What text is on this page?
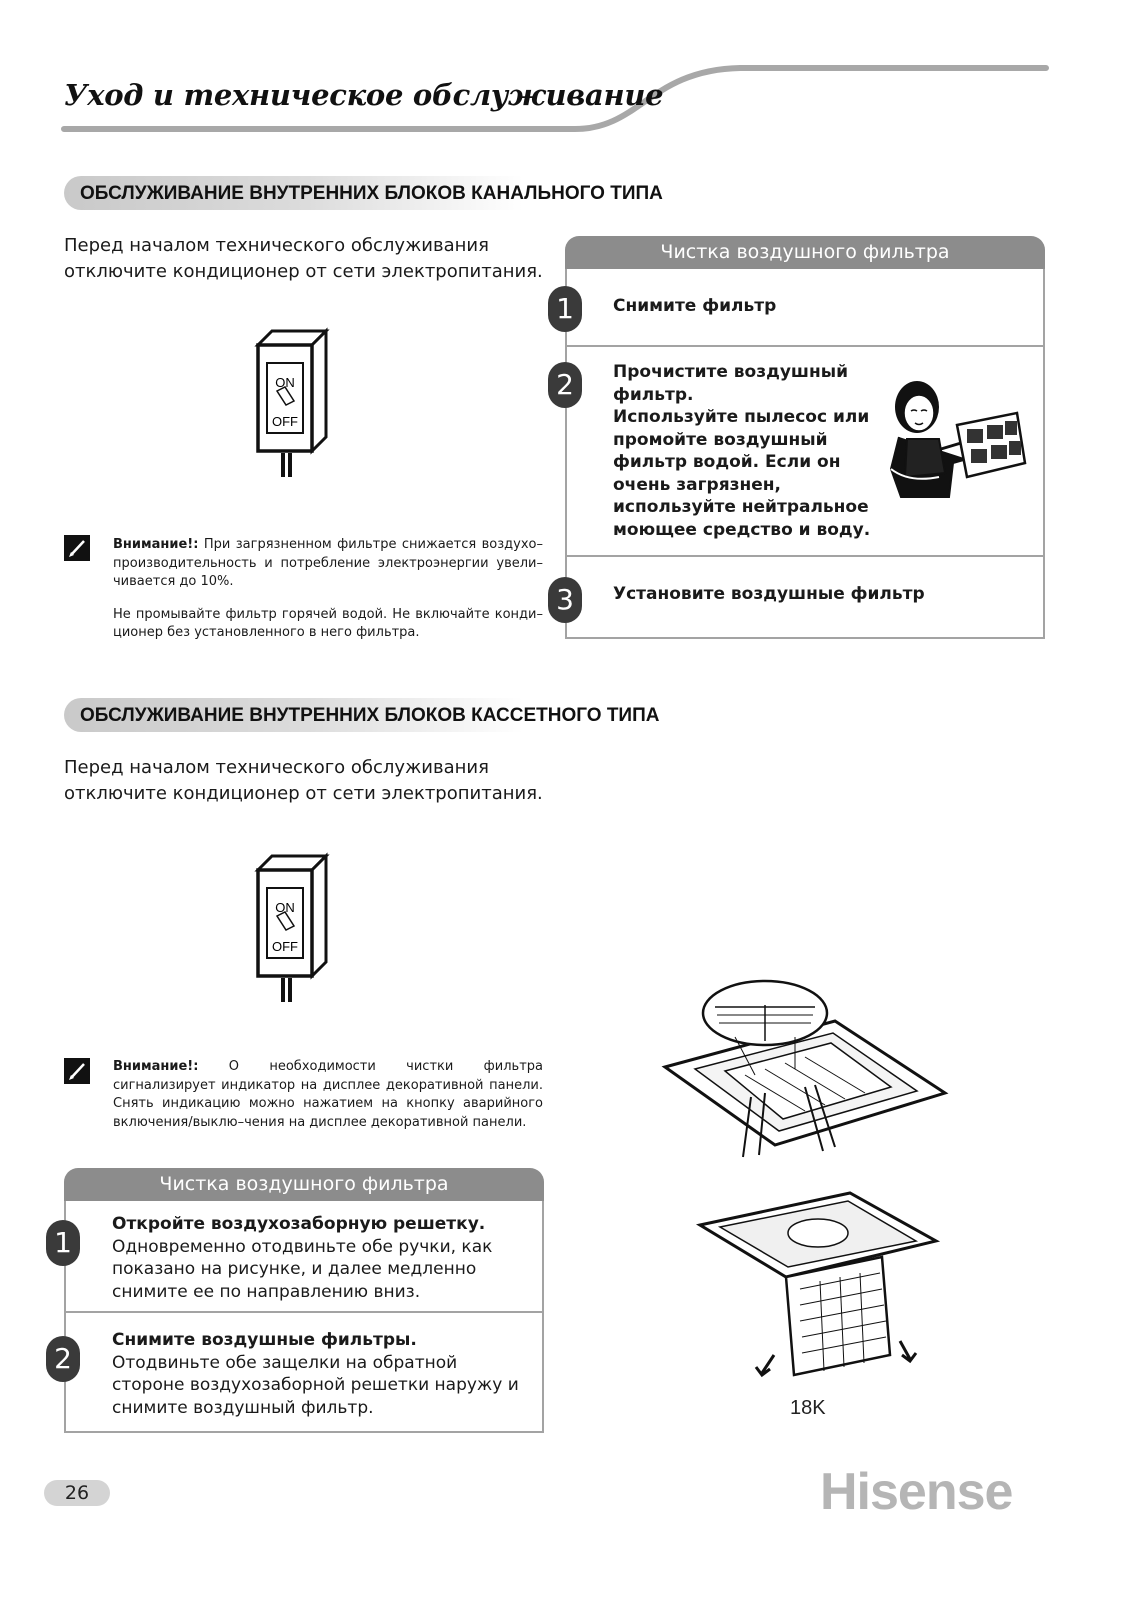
Уход и техническое обслуживание
ОБСЛУЖИВАНИЕ ВНУТРЕННИХ БЛОКОВ КАНАЛЬНОГО ТИПА
Перед началом технического обслуживания
отключите кондиционер от сети электропитания.
ON
OFF
Внимание!: При загрязненном фильтре снижается воздухо–производительность и потребление электроэнергии увели–чивается до 10%.
Не промывайте фильтр горячей водой. Не включайте конди–ционер без установленного в него фильтра.
Чистка воздушного фильтра
Снимите фильтр
Прочистите воздушный фильтр.
Используйте пылесос или промойте воздушный фильтр водой. Если он очень загрязнен, используйте нейтральное моющее средство и воду.
Установите воздушные фильтр
1
2
3
ОБСЛУЖИВАНИЕ ВНУТРЕННИХ БЛОКОВ КАССЕТНОГО ТИПА
Перед началом технического обслуживания
отключите кондиционер от сети электропитания.
ON
OFF
Внимание!: О необходимости чистки фильтра сигнализирует индикатор на дисплее декоративной панели. Снять индикацию можно нажатием на кнопку аварийного включения/выклю–чения на дисплее декоративной панели.
Чистка воздушного фильтра
Откройте воздухозаборную решетку.
Одновременно отодвиньте обе ручки, как показано на рисунке, и далее медленно снимите ее по направлению вниз.
Снимите воздушные фильтры.
Отодвиньте обе защелки на обратной стороне воздухозаборной решетки наружу и снимите воздушный фильтр.
1
2
18K
26	Hisense
